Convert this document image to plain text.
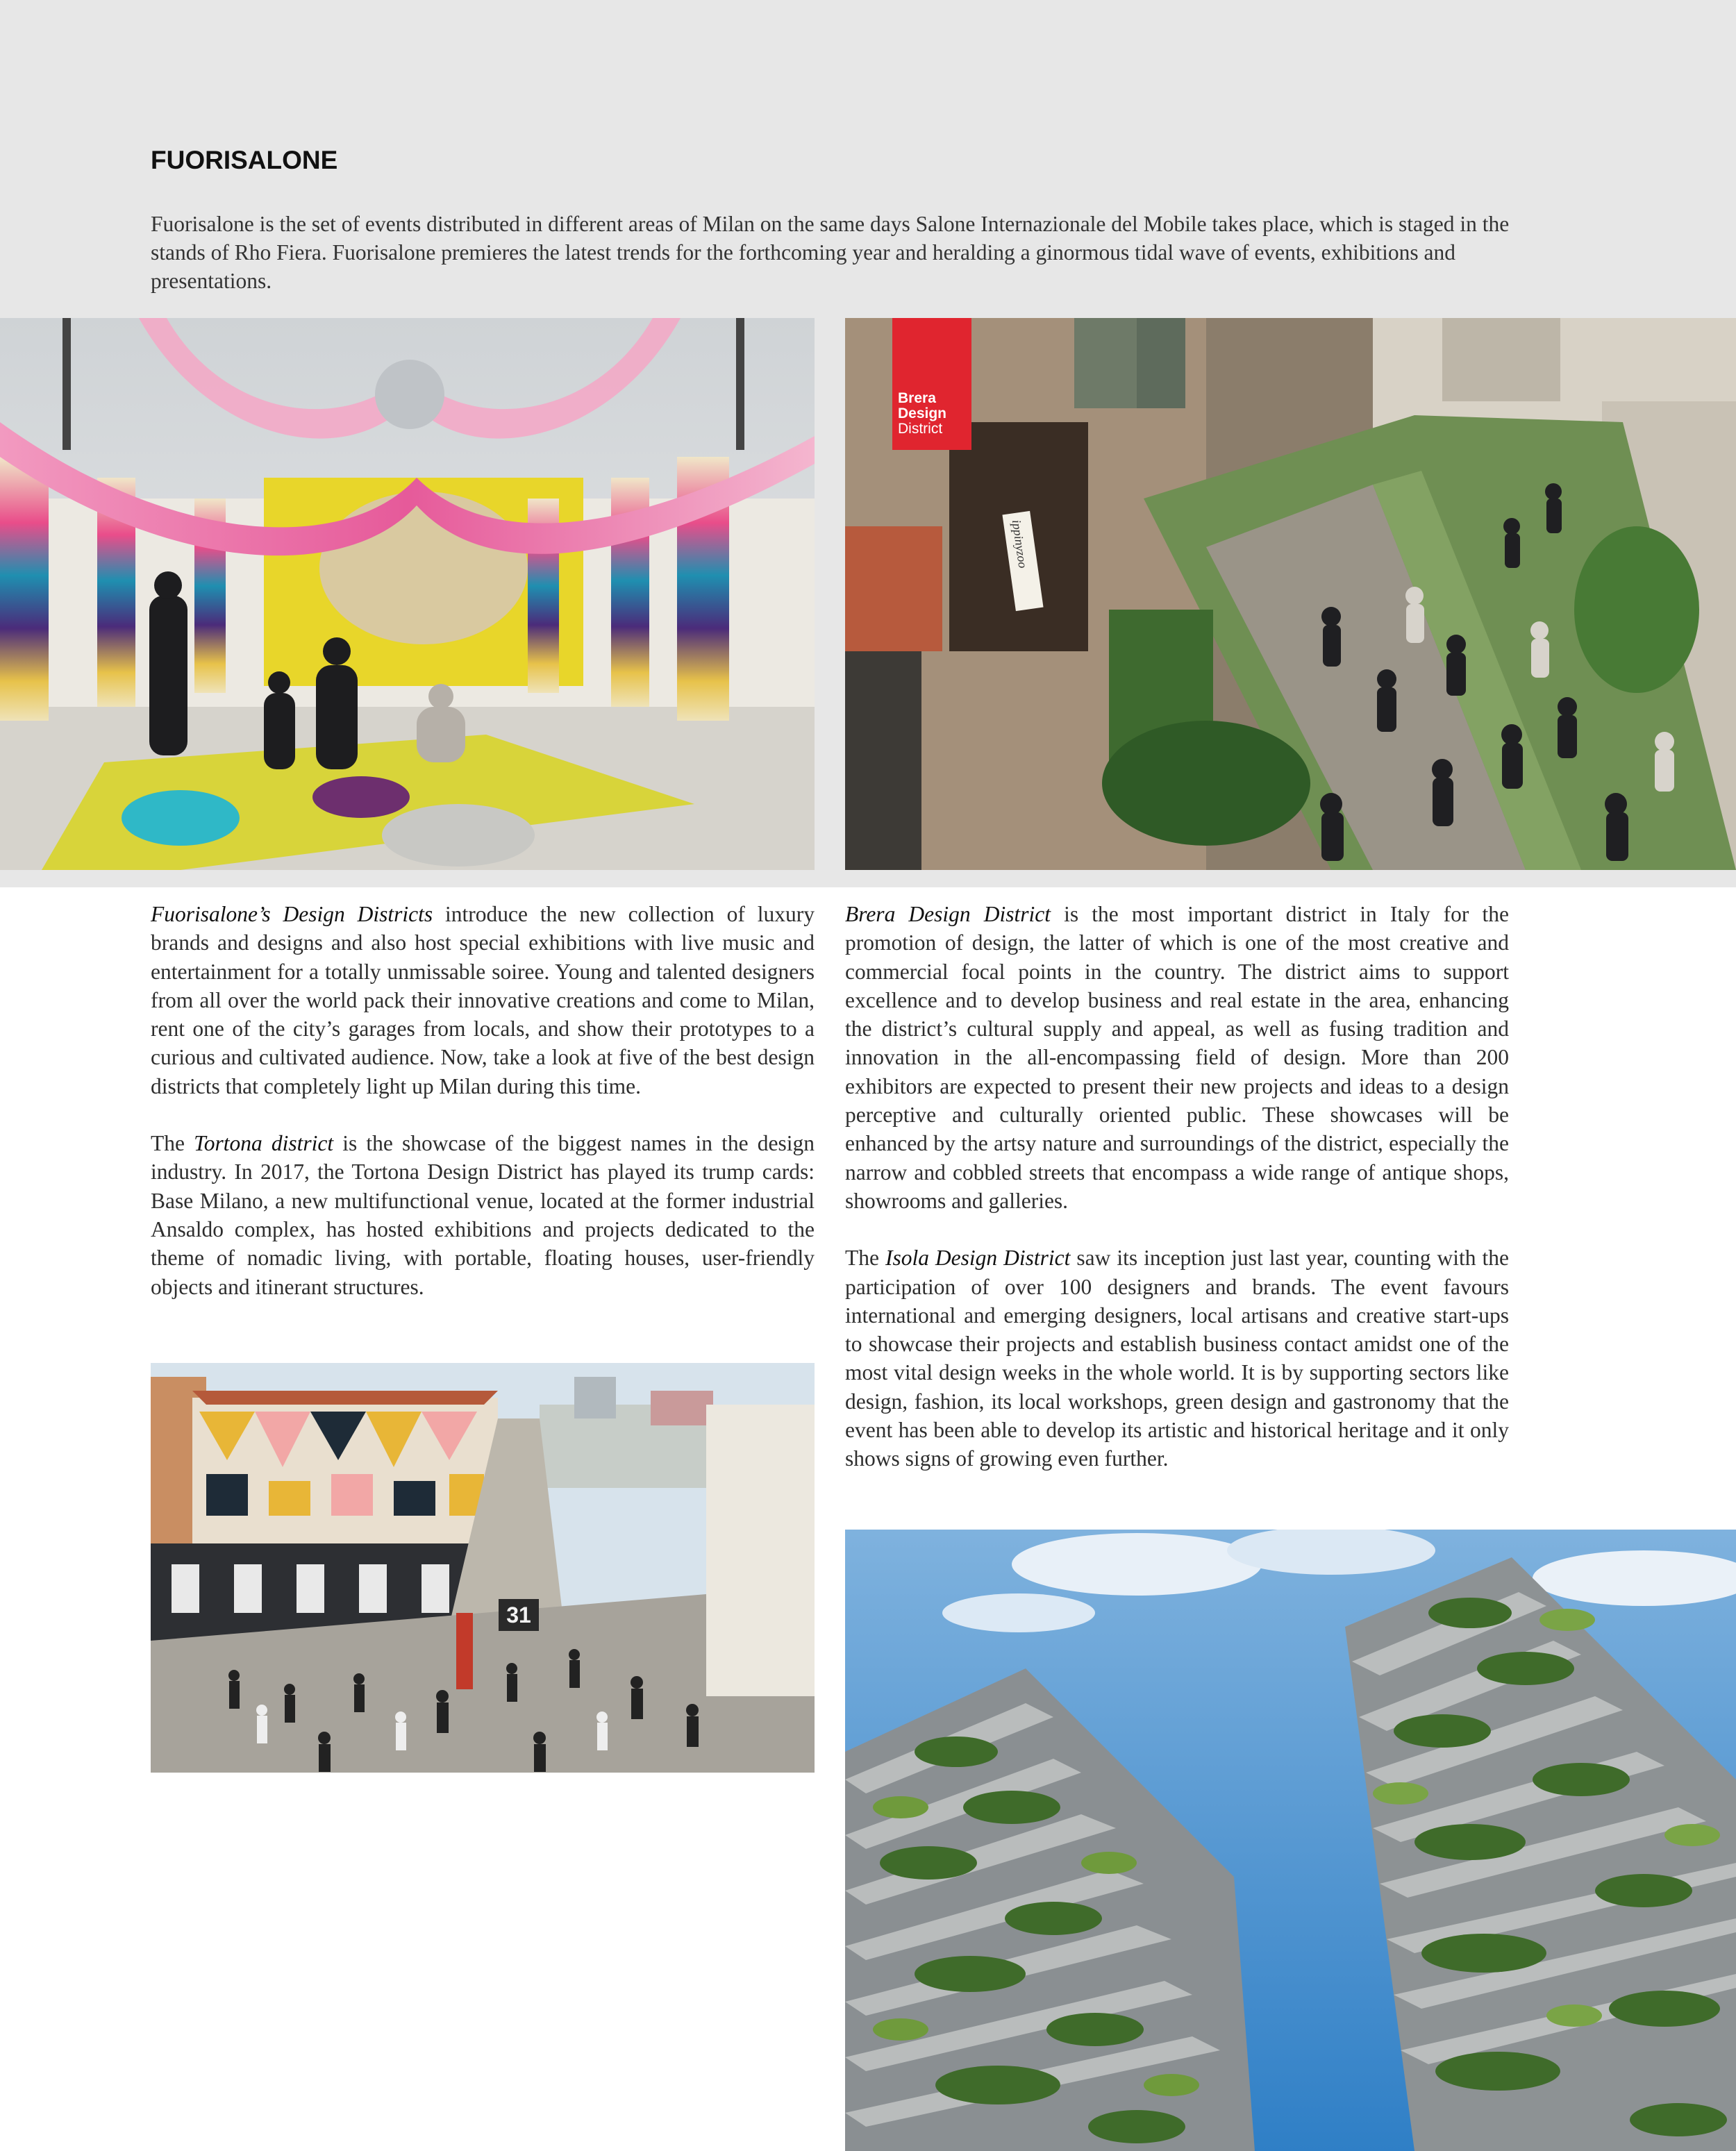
FUORISALONE

Fuorisalone is the set of events distributed in different areas of Milan on the same days Salone Internazionale del Mobile takes place, which is staged in the stands of Rho Fiera. Fuorisalone premieres the latest trends for the forthcoming year and heralding a ginormous tidal wave of events, exhibitions and presentations.

Brera
Design
District
ippinyzoo

Fuorisalone’s Design Districts introduce the new collection of luxury brands and designs and also host special exhibitions with live music and entertainment for a totally unmissable soiree. Young and talented designers from all over the world pack their innovative creations and come to Milan, rent one of the city’s garages from locals, and show their prototypes to a curious and cultivated audience. Now, take a look at five of the best design districts that completely light up Milan during this time.

The Tortona district is the showcase of the biggest names in the design industry. In 2017, the Tortona Design District has played its trump cards: Base Milano, a new multifunctional venue, located at the former industrial Ansaldo complex, has hosted exhibitions and projects dedicated to the theme of nomadic living, with portable, floating houses, user-friendly objects and itinerant structures.

Brera Design District is the most important district in Italy for the promotion of design, the latter of which is one of the most creative and commercial focal points in the country. The district aims to support excellence and to develop business and real estate in the area, enhancing the district’s cultural supply and appeal, as well as fusing tradition and innovation in the all-encompassing field of design. More than 200 exhibitors are expected to present their new projects and ideas to a design perceptive and culturally oriented public. These showcases will be enhanced by the artsy nature and surroundings of the district, especially the narrow and cobbled streets that encompass a wide range of antique shops, showrooms and galleries.

The Isola Design District saw its inception just last year, counting with the participation of over 100 designers and brands. The event favours international and emerging designers, local artisans and creative start-ups to showcase their projects and establish business contact amidst one of the most vital design weeks in the whole world. It is by supporting sectors like design, fashion, its local workshops, green design and gastronomy that the event has been able to develop its artistic and historical heritage and it only shows signs of growing even further.

31
